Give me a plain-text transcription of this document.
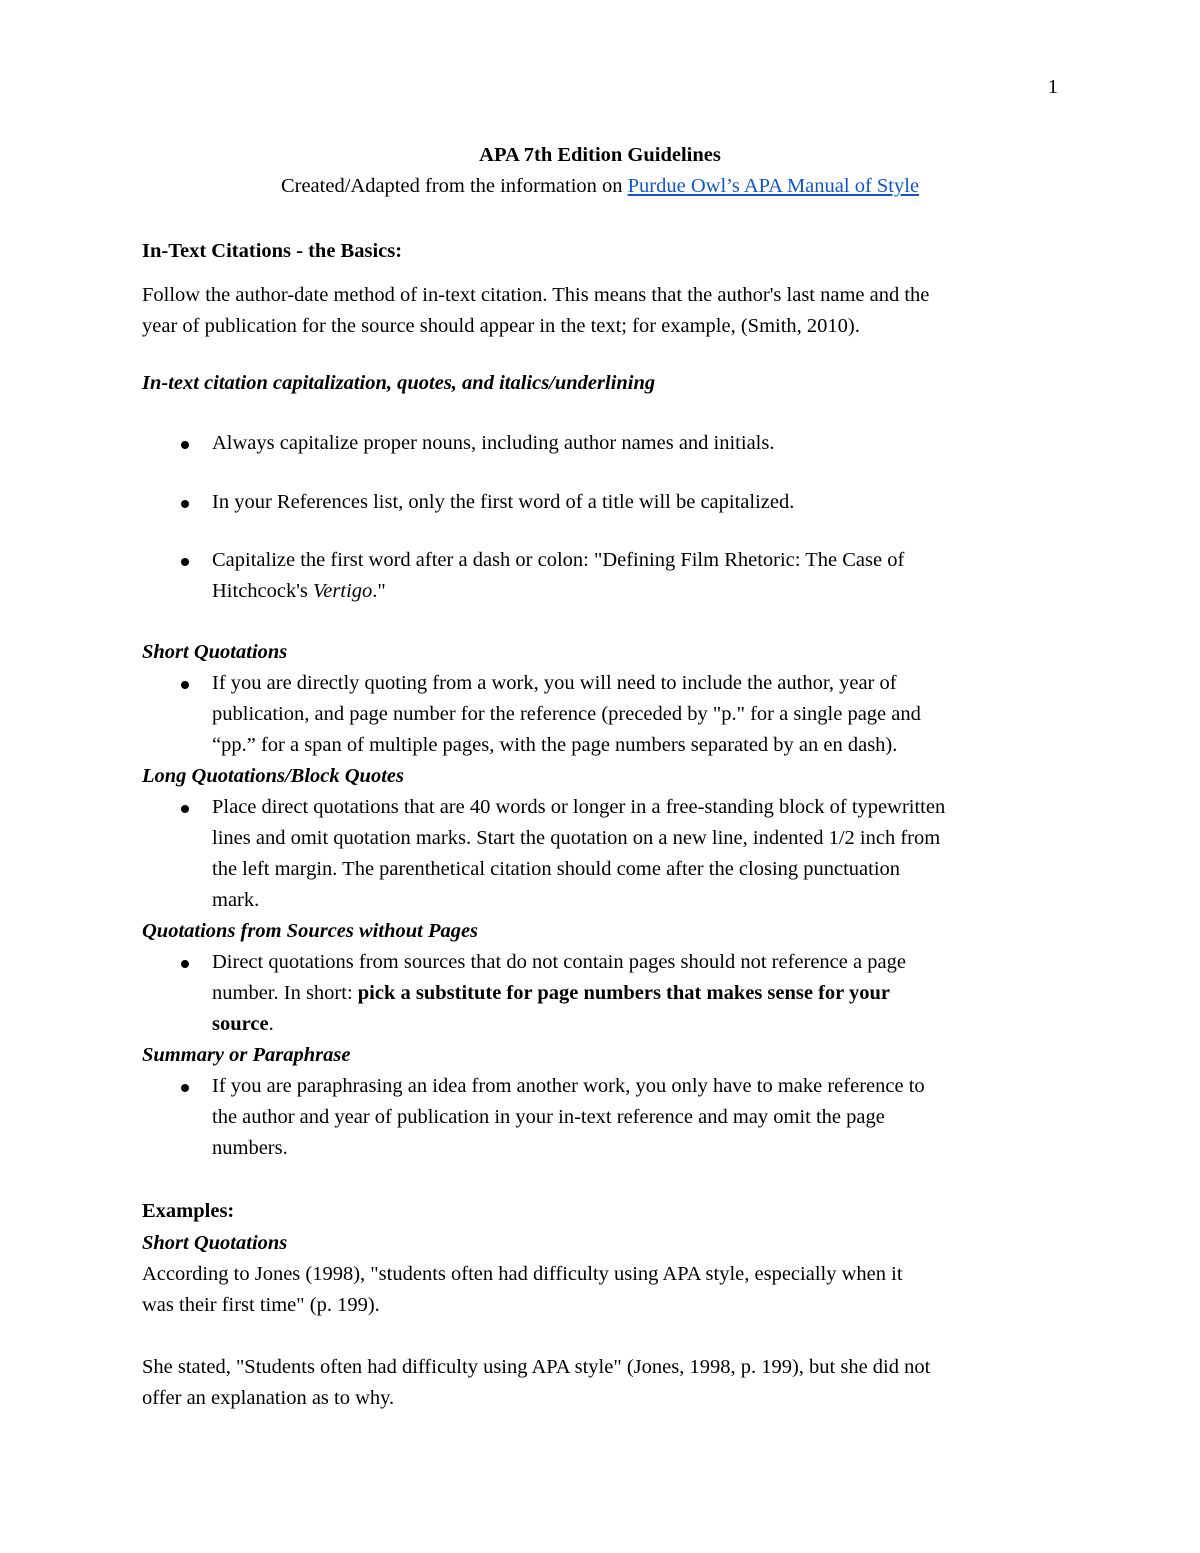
1
APA 7th Edition Guidelines
Created/Adapted from the information on Purdue Owl’s APA Manual of Style
In-Text Citations - the Basics:
Follow the author-date method of in-text citation. This means that the author's last name and the
year of publication for the source should appear in the text; for example, (Smith, 2010).
In-text citation capitalization, quotes, and italics/underlining
Always capitalize proper nouns, including author names and initials.
In your References list, only the first word of a title will be capitalized.
Capitalize the first word after a dash or colon: "Defining Film Rhetoric: The Case of
Hitchcock's Vertigo."
Short Quotations
If you are directly quoting from a work, you will need to include the author, year of
publication, and page number for the reference (preceded by "p." for a single page and
“pp.” for a span of multiple pages, with the page numbers separated by an en dash).
Long Quotations/Block Quotes
Place direct quotations that are 40 words or longer in a free-standing block of typewritten
lines and omit quotation marks. Start the quotation on a new line, indented 1/2 inch from
the left margin. The parenthetical citation should come after the closing punctuation
mark.
Quotations from Sources without Pages
Direct quotations from sources that do not contain pages should not reference a page
number. In short: pick a substitute for page numbers that makes sense for your
source.
Summary or Paraphrase
If you are paraphrasing an idea from another work, you only have to make reference to
the author and year of publication in your in-text reference and may omit the page
numbers.
Examples:
Short Quotations
According to Jones (1998), "students often had difficulty using APA style, especially when it
was their first time" (p. 199).
She stated, "Students often had difficulty using APA style" (Jones, 1998, p. 199), but she did not
offer an explanation as to why.
